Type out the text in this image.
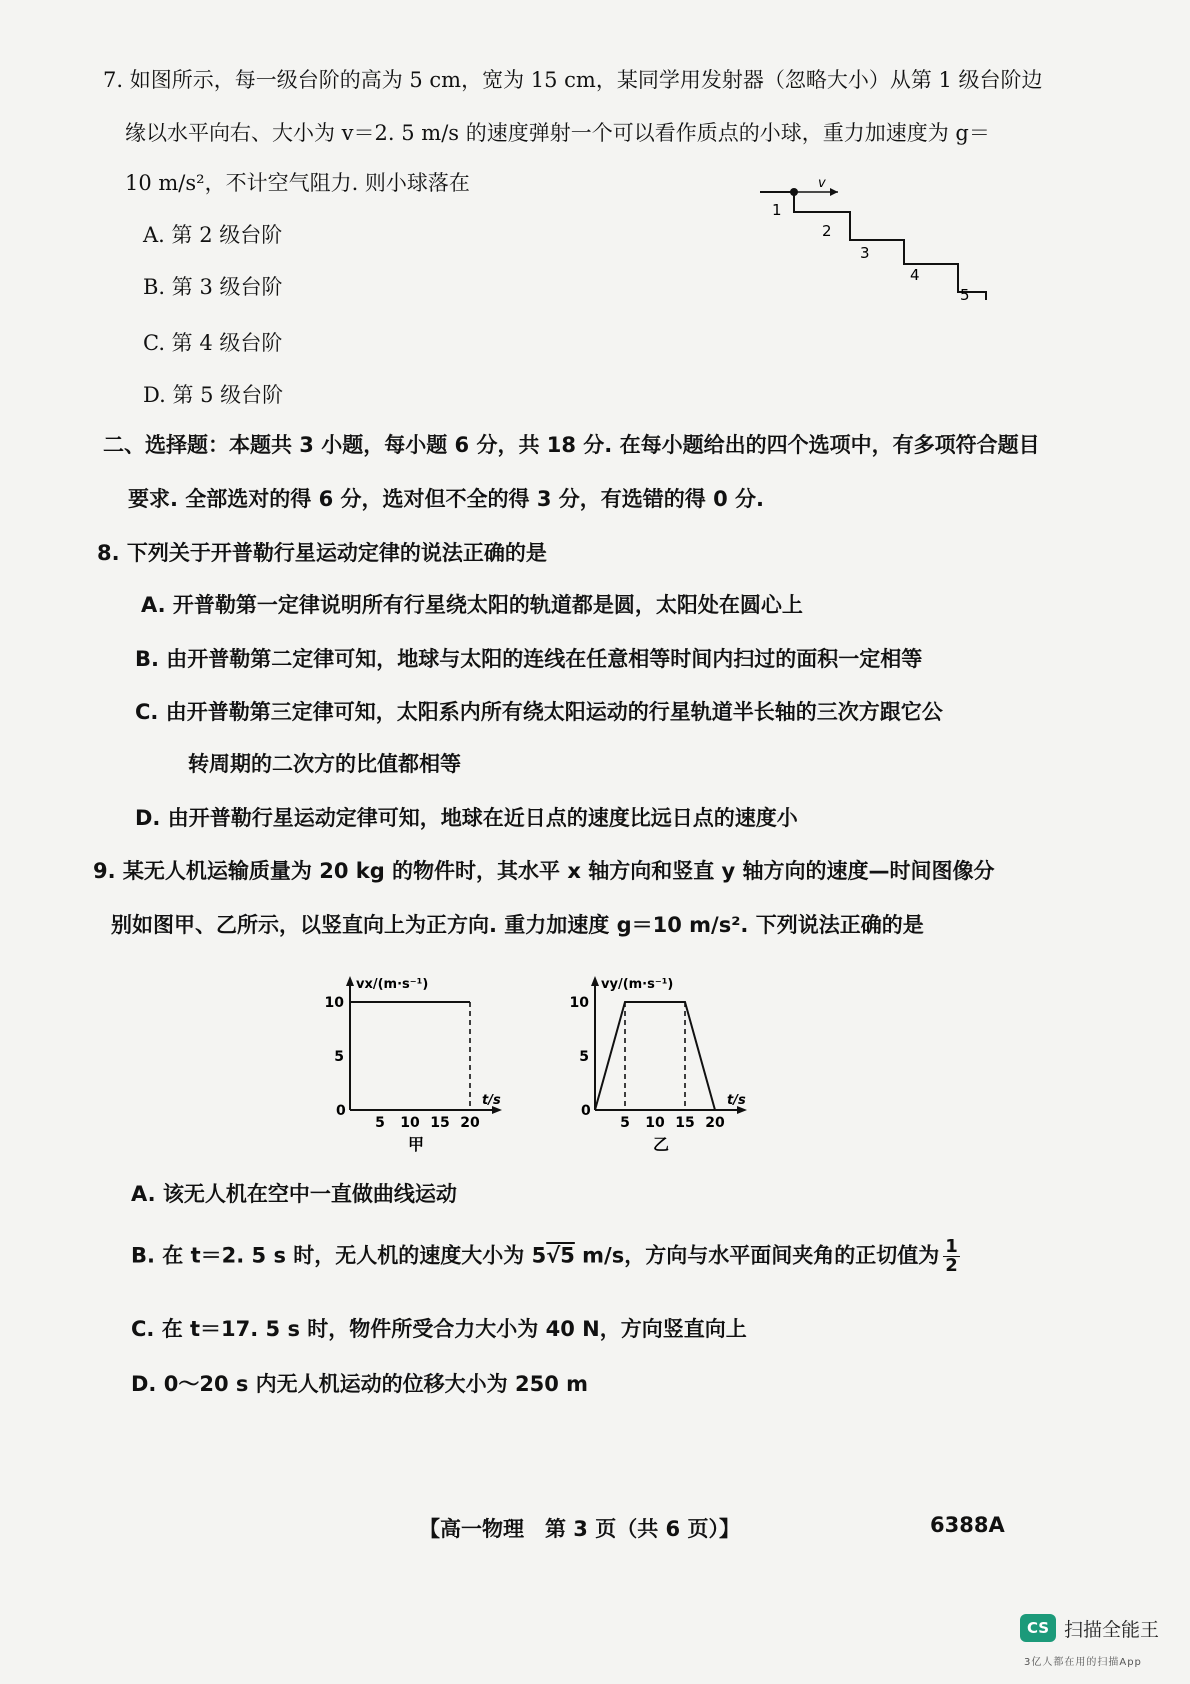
7. 如图所示，每一级台阶的高为 5 cm，宽为 15 cm，某同学用发射器（忽略大小）从第 1 级台阶边
缘以水平向右、大小为 v＝2. 5 m/s 的速度弹射一个可以看作质点的小球，重力加速度为 g＝
10 m/s²，不计空气阻力. 则小球落在
A. 第 2 级台阶
B. 第 3 级台阶
C. 第 4 级台阶
D. 第 5 级台阶
v
1
2
3
4
5
二、选择题：本题共 3 小题，每小题 6 分，共 18 分. 在每小题给出的四个选项中，有多项符合题目
要求. 全部选对的得 6 分，选对但不全的得 3 分，有选错的得 0 分.
8. 下列关于开普勒行星运动定律的说法正确的是
A. 开普勒第一定律说明所有行星绕太阳的轨道都是圆，太阳处在圆心上
B. 由开普勒第二定律可知，地球与太阳的连线在任意相等时间内扫过的面积一定相等
C. 由开普勒第三定律可知，太阳系内所有绕太阳运动的行星轨道半长轴的三次方跟它公
转周期的二次方的比值都相等
D. 由开普勒行星运动定律可知，地球在近日点的速度比远日点的速度小
9. 某无人机运输质量为 20 kg 的物件时，其水平 x 轴方向和竖直 y 轴方向的速度—时间图像分
别如图甲、乙所示，以竖直向上为正方向. 重力加速度 g＝10 m/s². 下列说法正确的是
vx/(m·s⁻¹)
t/s
0
5 10 15 20
5
10
甲
vy/(m·s⁻¹)
t/s
0
5 10 15 20
5
10
乙
A. 该无人机在空中一直做曲线运动
B. 在 t＝2. 5 s 时，无人机的速度大小为 5√5 m/s，方向与水平面间夹角的正切值为 $\frac{1}{2}$
C. 在 t＝17. 5 s 时，物件所受合力大小为 40 N，方向竖直向上
D. 0～20 s 内无人机运动的位移大小为 250 m
【高一物理　第 3 页（共 6 页）】	6388A
CS 扫描全能王
3亿人都在用的扫描App
